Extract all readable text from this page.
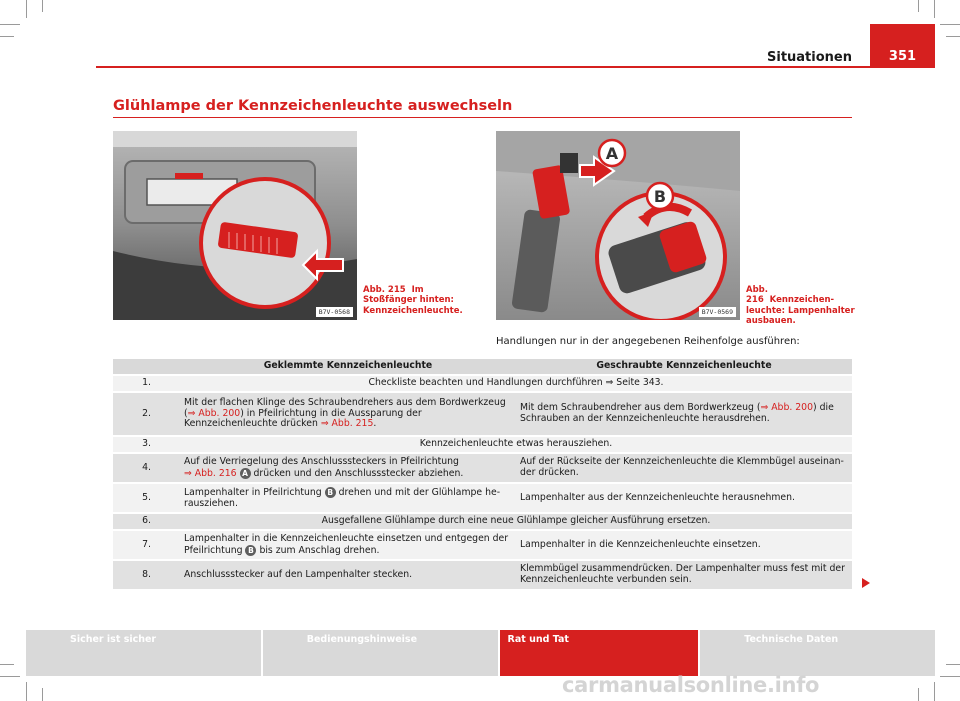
Situationen	351
Glühlampe der Kennzeichenleuchte auswechseln
B7V-0568
Abb. 215 Im Stoßfänger hinten: Kennzeichenleuchte.
A
B
B7V-0569
Abb. 216 Kennzeichenleuchte: Lampenhalter ausbauen.
Handlungen nur in der angegebenen Reihenfolge ausführen:
	Geklemmte Kennzeichenleuchte	Geschraubte Kennzeichenleuchte
1.	Checkliste beachten und Handlungen durchführen ⇒ Seite 343.	
2.	Mit der flachen Klinge des Schraubendrehers aus dem Bordwerkzeug (⇒ Abb. 200) in Pfeilrichtung in die Aussparung der Kennzeichenleuchte drücken ⇒ Abb. 215.	Mit dem Schraubendreher aus dem Bordwerkzeug (⇒ Abb. 200) die Schrauben an der Kennzeichenleuchte herausdrehen.
3.	Kennzeichenleuchte etwas herausziehen.	
4.	Auf die Verriegelung des Anschlusssteckers in Pfeilrichtung
⇒ Abb. 216 A drücken und den Anschlussstecker abziehen.	Auf der Rückseite der Kennzeichenleuchte die Klemmbügel auseinander drücken.
5.	Lampenhalter in Pfeilrichtung B drehen und mit der Glühlampe herausziehen.	Lampenhalter aus der Kennzeichenleuchte herausnehmen.
6.	Ausgefallene Glühlampe durch eine neue Glühlampe gleicher Ausführung ersetzen.	
7.	Lampenhalter in die Kennzeichenleuchte einsetzen und entgegen der Pfeilrichtung B bis zum Anschlag drehen.	Lampenhalter in die Kennzeichenleuchte einsetzen.
8.	Anschlussstecker auf den Lampenhalter stecken.	Klemmbügel zusammendrücken. Der Lampenhalter muss fest mit der Kennzeichenleuchte verbunden sein.
Sicher ist sicher	Bedienungshinweise	Rat und Tat	Technische Daten
carmanualsonline.info
